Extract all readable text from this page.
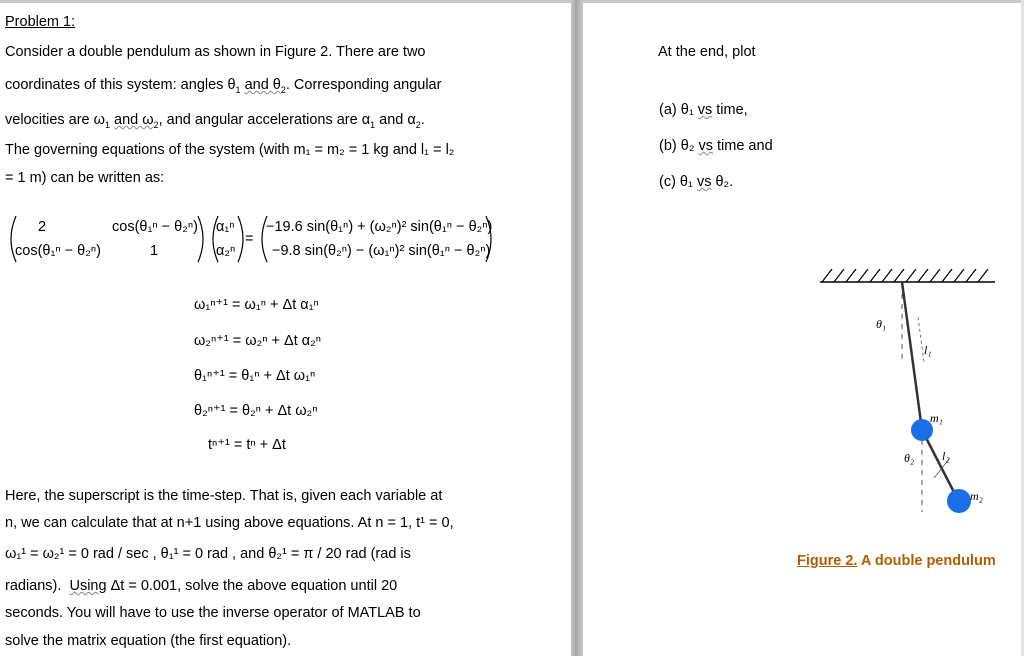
Problem 1:
Consider a double pendulum as shown in Figure 2. There are two
coordinates of this system: angles $\theta_1$ and $\theta_2$. Corresponding angular
velocities are $\omega_1$ and $\omega_2$, and angular accelerations are $\alpha_1$ and $\alpha_2$.
The governing equations of the system (with m₁ = m₂ = 1 kg and l₁ = l₂
= 1 m) can be written as:
2	cos(θ₁ⁿ − θ₂ⁿ)
cos(θ₁ⁿ − θ₂ⁿ)	1
α₁ⁿ
α₂ⁿ
=
−19.6 sin(θ₁ⁿ) + (ω₂ⁿ)² sin(θ₁ⁿ − θ₂ⁿ)
−9.8 sin(θ₂ⁿ) − (ω₁ⁿ)² sin(θ₁ⁿ − θ₂ⁿ)
ω₁ⁿ⁺¹ = ω₁ⁿ + Δt α₁ⁿ
ω₂ⁿ⁺¹ = ω₂ⁿ + Δt α₂ⁿ
θ₁ⁿ⁺¹ = θ₁ⁿ + Δt ω₁ⁿ
θ₂ⁿ⁺¹ = θ₂ⁿ + Δt ω₂ⁿ
tⁿ⁺¹ = tⁿ + Δt
Here, the superscript is the time-step. That is, given each variable at
n, we can calculate that at n+1 using above equations. At n = 1, t¹ = 0,
ω₁¹ = ω₂¹ = 0 rad / sec , θ₁¹ = 0 rad , and θ₂¹ = π / 20 rad (rad is
radians). Using Δt = 0.001, solve the above equation until 20
seconds. You will have to use the inverse operator of MATLAB to
solve the matrix equation (the first equation).
At the end, plot
(a) θ₁ vs time,
(b) θ₂ vs time and
(c) θ₁ vs θ₂.
θ₁
l₁
m₁
θ₂ l₂
m₂
Figure 2. A double pendulum
